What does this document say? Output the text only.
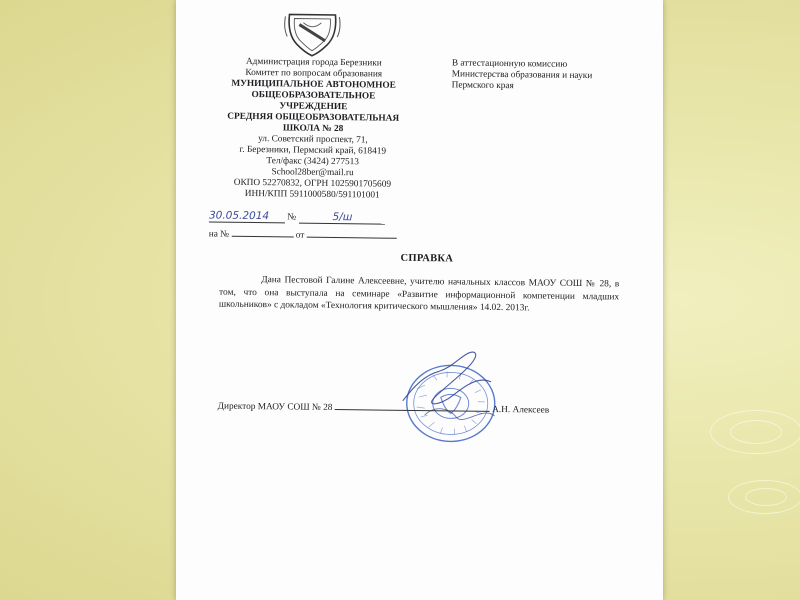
Администрация города Березники
Комитет по вопросам образования
МУНИЦИПАЛЬНОЕ АВТОНОМНОЕ
ОБЩЕОБРАЗОВАТЕЛЬНОЕ
УЧРЕЖДЕНИЕ
СРЕДНЯЯ ОБЩЕОБРАЗОВАТЕЛЬНАЯ
ШКОЛА № 28
ул. Советский проспект, 71,
г. Березники, Пермский край, 618419
Тел/факс (3424) 277513
School28ber@mail.ru
ОКПО 52270832, ОГРН 1025901705609
ИНН/КПП 5911000580/591101001
30.05.2014 №	5/ш
на №	от
В аттестационную комиссию
Министерства образования и науки
Пермского края
СПРАВКА
Дана Пестовой Галине Алексеевне, учителю начальных классов МАОУ СОШ № 28, в том, что она выступала на семинаре «Развитие информационной компетенции младших школьников» с докладом «Технология критического мышления» 14.02. 2013г.
Директор МАОУ СОШ № 28	А.Н. Алексеев
